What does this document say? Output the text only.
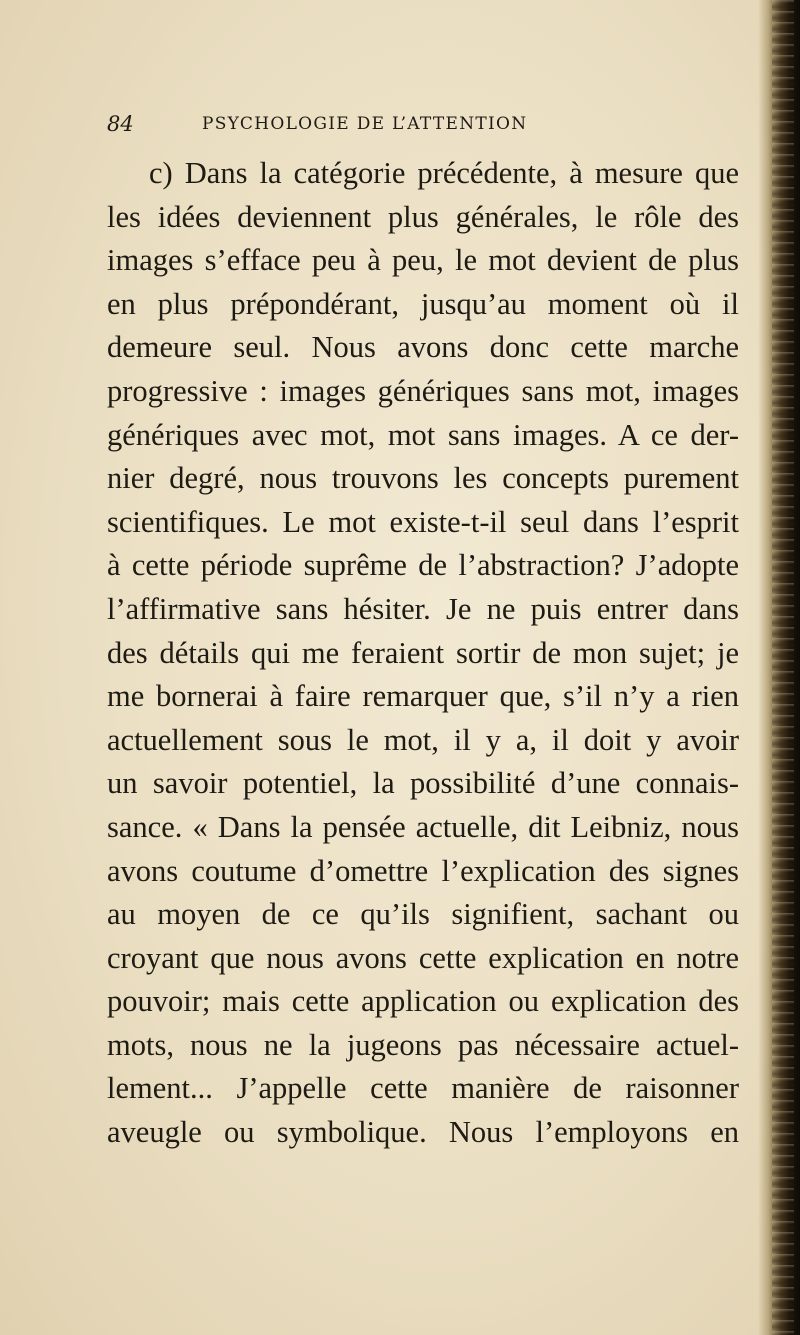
84	PSYCHOLOGIE DE L’ATTENTION
c) Dans la catégorie précédente, à mesure que
les idées deviennent plus générales, le rôle des
images s’efface peu à peu, le mot devient de plus
en plus prépondérant, jusqu’au moment où il
demeure seul. Nous avons donc cette marche
progressive : images génériques sans mot, images
génériques avec mot, mot sans images. A ce der-
nier degré, nous trouvons les concepts purement
scientifiques. Le mot existe-t-il seul dans l’esprit
à cette période suprême de l’abstraction? J’adopte
l’affirmative sans hésiter. Je ne puis entrer dans
des détails qui me feraient sortir de mon sujet; je
me bornerai à faire remarquer que, s’il n’y a rien
actuellement sous le mot, il y a, il doit y avoir
un savoir potentiel, la possibilité d’une connais-
sance. « Dans la pensée actuelle, dit Leibniz, nous
avons coutume d’omettre l’explication des signes
au moyen de ce qu’ils signifient, sachant ou
croyant que nous avons cette explication en notre
pouvoir; mais cette application ou explication des
mots, nous ne la jugeons pas nécessaire actuel-
lement... J’appelle cette manière de raisonner
aveugle ou symbolique. Nous l’employons en
